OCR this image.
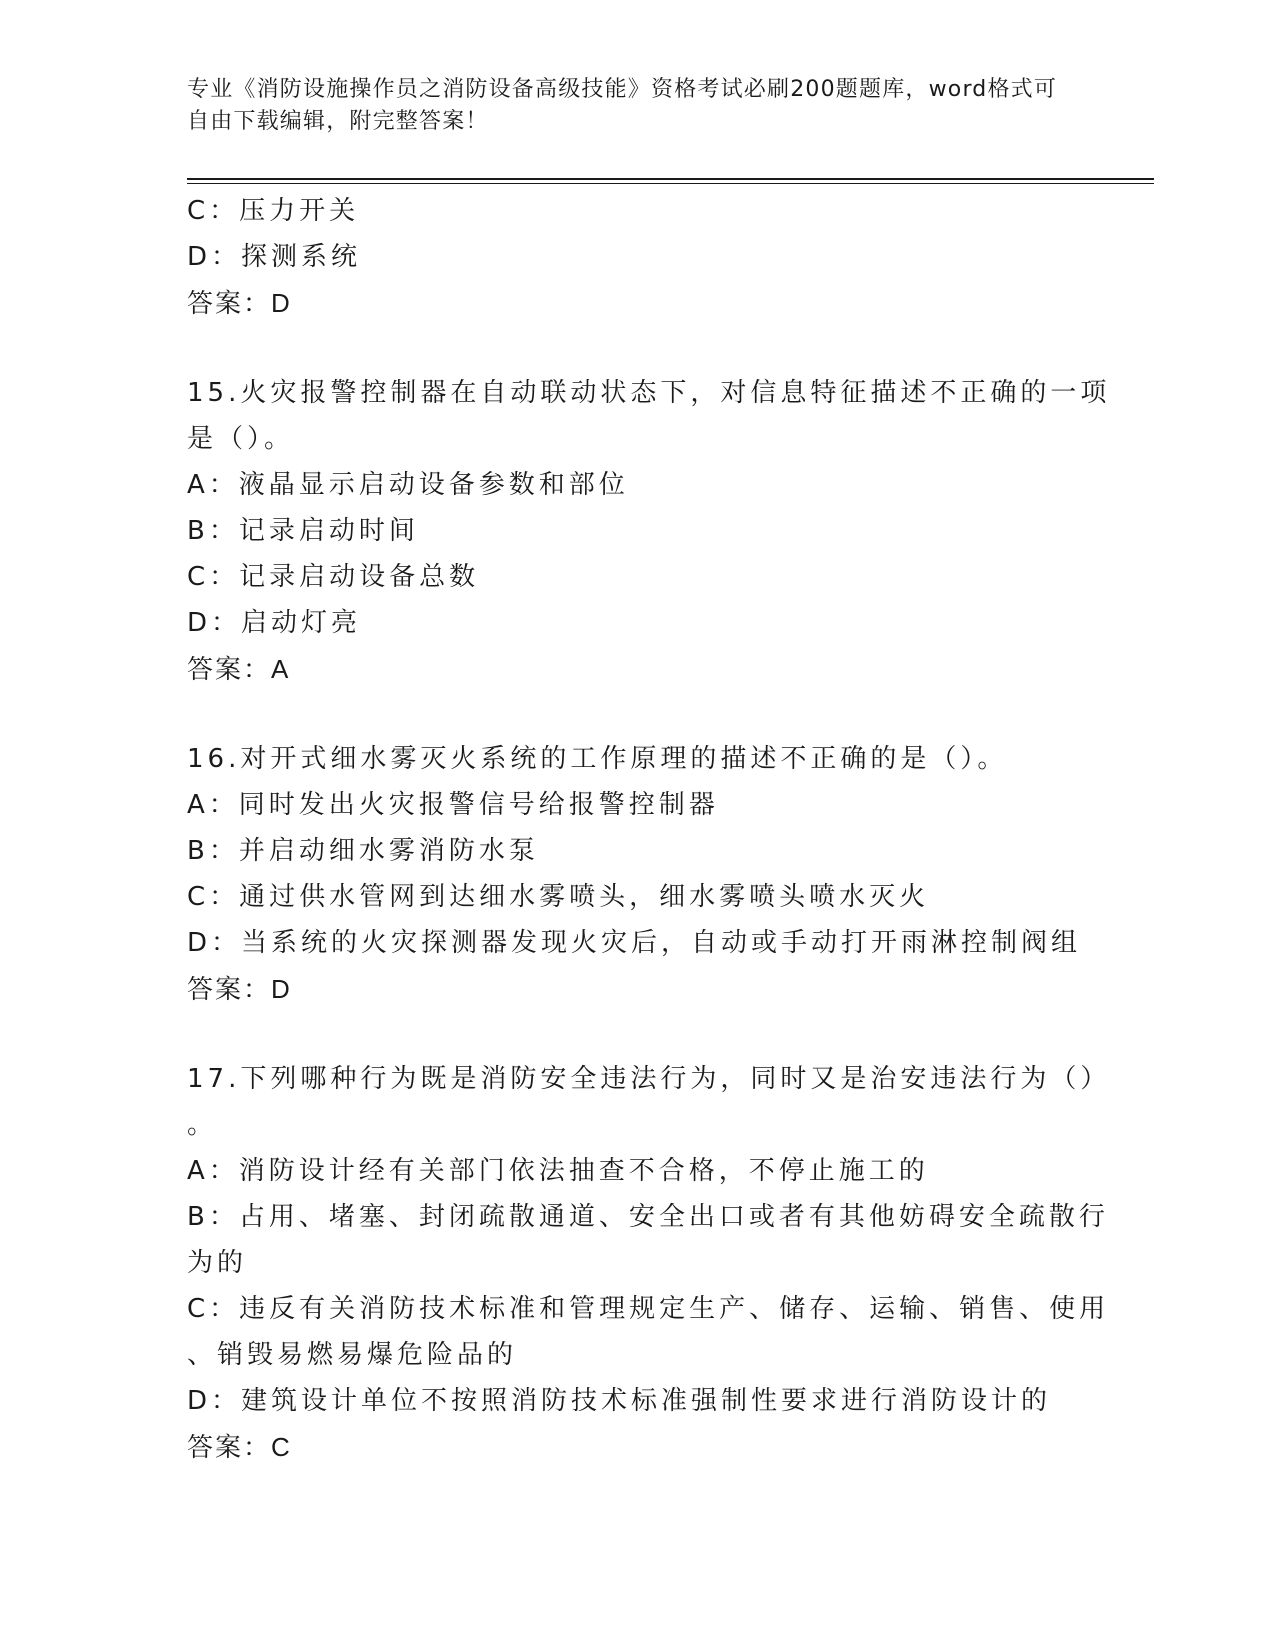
专业《消防设施操作员之消防设备高级技能》资格考试必刷200题题库，word格式可自由下载编辑，附完整答案！
C：压力开关
D：探测系统
答案：D
15.火灾报警控制器在自动联动状态下，对信息特征描述不正确的一项
是（）。
A：液晶显示启动设备参数和部位
B：记录启动时间
C：记录启动设备总数
D：启动灯亮
答案：A
16.对开式细水雾灭火系统的工作原理的描述不正确的是（）。
A：同时发出火灾报警信号给报警控制器
B：并启动细水雾消防水泵
C：通过供水管网到达细水雾喷头，细水雾喷头喷水灭火
D：当系统的火灾探测器发现火灾后，自动或手动打开雨淋控制阀组
答案：D
17.下列哪种行为既是消防安全违法行为，同时又是治安违法行为（）
。
A：消防设计经有关部门依法抽查不合格，不停止施工的
B：占用、堵塞、封闭疏散通道、安全出口或者有其他妨碍安全疏散行
为的
C：违反有关消防技术标准和管理规定生产、储存、运输、销售、使用
、销毁易燃易爆危险品的
D：建筑设计单位不按照消防技术标准强制性要求进行消防设计的
答案：C
